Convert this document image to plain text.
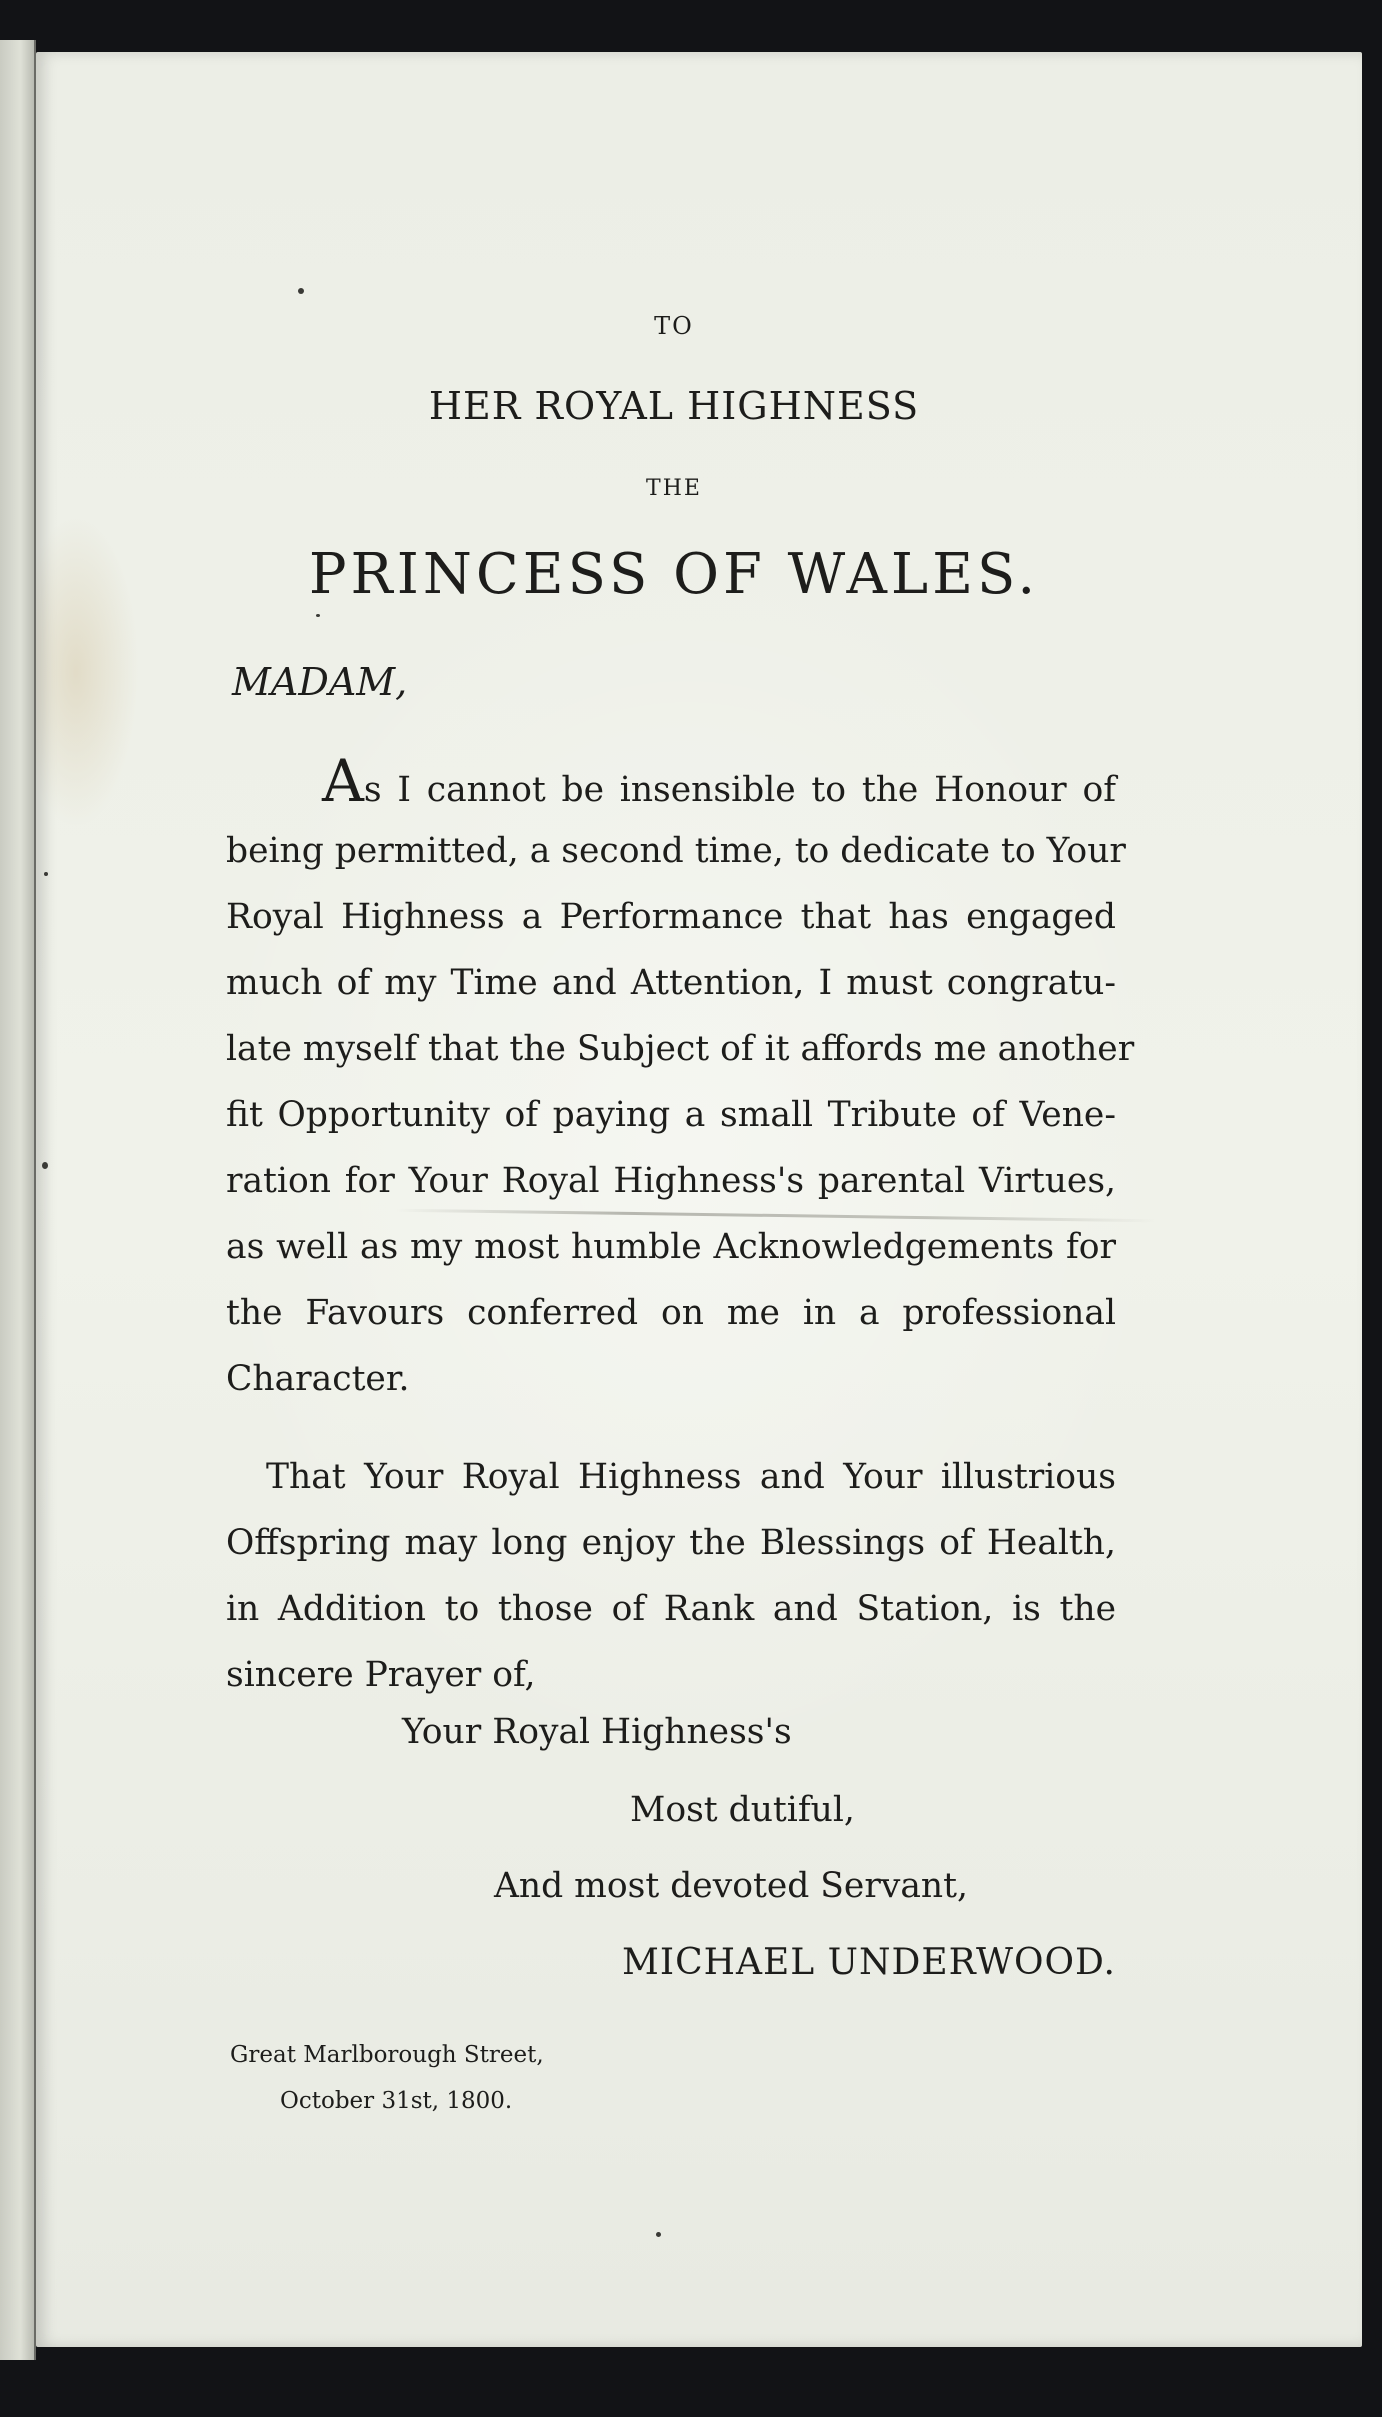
TO
HER ROYAL HIGHNESS
THE
PRINCESS OF WALES.
MADAM,
As I cannot be insensible to the Honour of
being permitted, a second time, to dedicate to Your
Royal Highness a Performance that has engaged
much of my Time and Attention, I must congratu-
late myself that the Subject of it affords me another
fit Opportunity of paying a small Tribute of Vene-
ration for Your Royal Highness's parental Virtues,
as well as my most humble Acknowledgements for
the Favours conferred on me in a professional
Character.
That Your Royal Highness and Your illustrious
Offspring may long enjoy the Blessings of Health,
in Addition to those of Rank and Station, is the
sincere Prayer of,
Your Royal Highness's
Most dutiful,
And most devoted Servant,
MICHAEL UNDERWOOD.
Great Marlborough Street,
October 31st, 1800.
